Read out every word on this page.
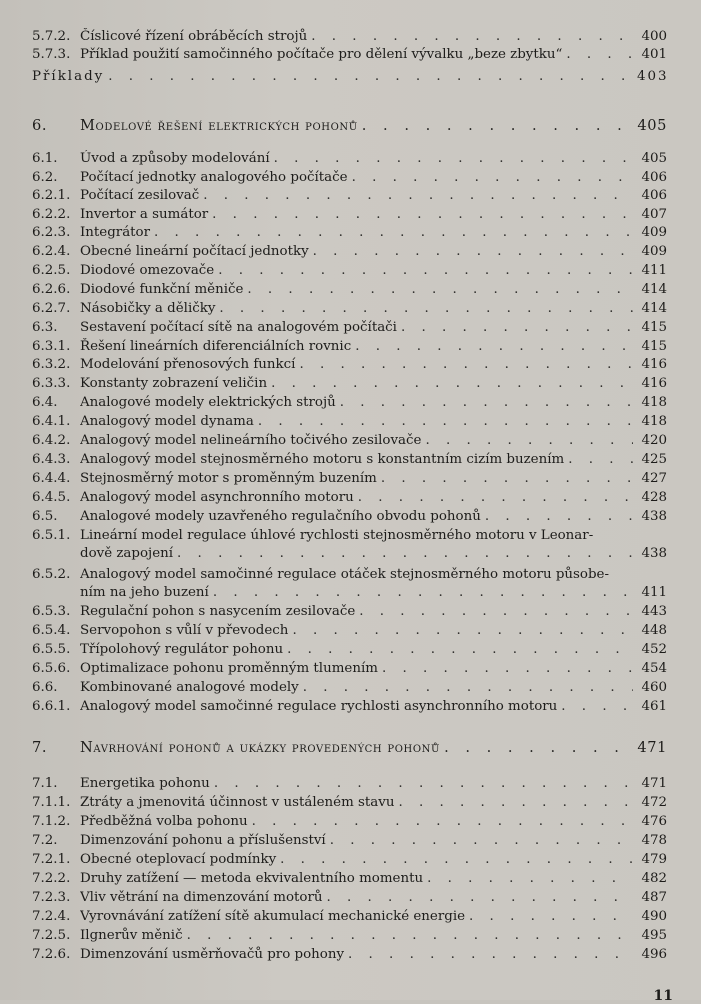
5.7.2. Číslicové řízení obráběcích strojů . . .	400
5.7.3. Příklad použití samočinného počítače pro dělení vývalku „beze zbytku“ . . .	401
Příklady . . .	403
6.	Modelové řešení elektrických pohonů . . .	405
6.1.	Úvod a způsoby modelování . . .	405
6.2.	Počítací jednotky analogového počítače . . .	406
6.2.1. Počítací zesilovač . . .	406
6.2.2. Invertor a sumátor . . .	407
6.2.3. Integrátor . . .	409
6.2.4. Obecné lineární počítací jednotky . . .	409
6.2.5. Diodové omezovače . . .	411
6.2.6. Diodové funkční měniče . . .	414
6.2.7. Násobičky a děličky . . .	414
6.3.	Sestavení počítací sítě na analogovém počítači . . .	415
6.3.1. Řešení lineárních diferenciálních rovnic . . .	415
6.3.2. Modelování přenosových funkcí . . .	416
6.3.3. Konstanty zobrazení veličin . . .	416
6.4.	Analogové modely elektrických strojů . . .	418
6.4.1. Analogový model dynama . . .	418
6.4.2. Analogový model nelineárního točivého zesilovače . . .	420
6.4.3. Analogový model stejnosměrného motoru s konstantním cizím buzením . . .	425
6.4.4. Stejnosměrný motor s proměnným buzením . . .	427
6.4.5. Analogový model asynchronního motoru . . .	428
6.5.	Analogové modely uzavřeného regulačního obvodu pohonů . . .	438
6.5.1. Lineární model regulace úhlové rychlosti stejnosměrného motoru v Leonar-
dově zapojení . . .	438
6.5.2. Analogový model samočinné regulace otáček stejnosměrného motoru působe-
ním na jeho buzení . . .	411
6.5.3. Regulační pohon s nasycením zesilovače . . .	443
6.5.4. Servopohon s vůlí v převodech . . .	448
6.5.5. Třípolohový regulátor pohonu . . .	452
6.5.6. Optimalizace pohonu proměnným tlumením . . .	454
6.6.	Kombinované analogové modely . . .	460
6.6.1. Analogový model samočinné regulace rychlosti asynchronního motoru . . .	461
7.	Navrhování pohonů a ukázky provedených pohonů . . .	471
7.1.	Energetika pohonu . . .	471
7.1.1. Ztráty a jmenovitá účinnost v ustáleném stavu . . .	472
7.1.2. Předběžná volba pohonu . . .	476
7.2.	Dimenzování pohonu a příslušenství . . .	478
7.2.1. Obecné oteplovací podmínky . . .	479
7.2.2. Druhy zatížení — metoda ekvivalentního momentu . . .	482
7.2.3. Vliv větrání na dimenzování motorů . . .	487
7.2.4. Vyrovnávání zatížení sítě akumulací mechanické energie . . .	490
7.2.5. Ilgnerův měnič . . .	495
7.2.6. Dimenzování usměrňovačů pro pohony . . .	496
11
